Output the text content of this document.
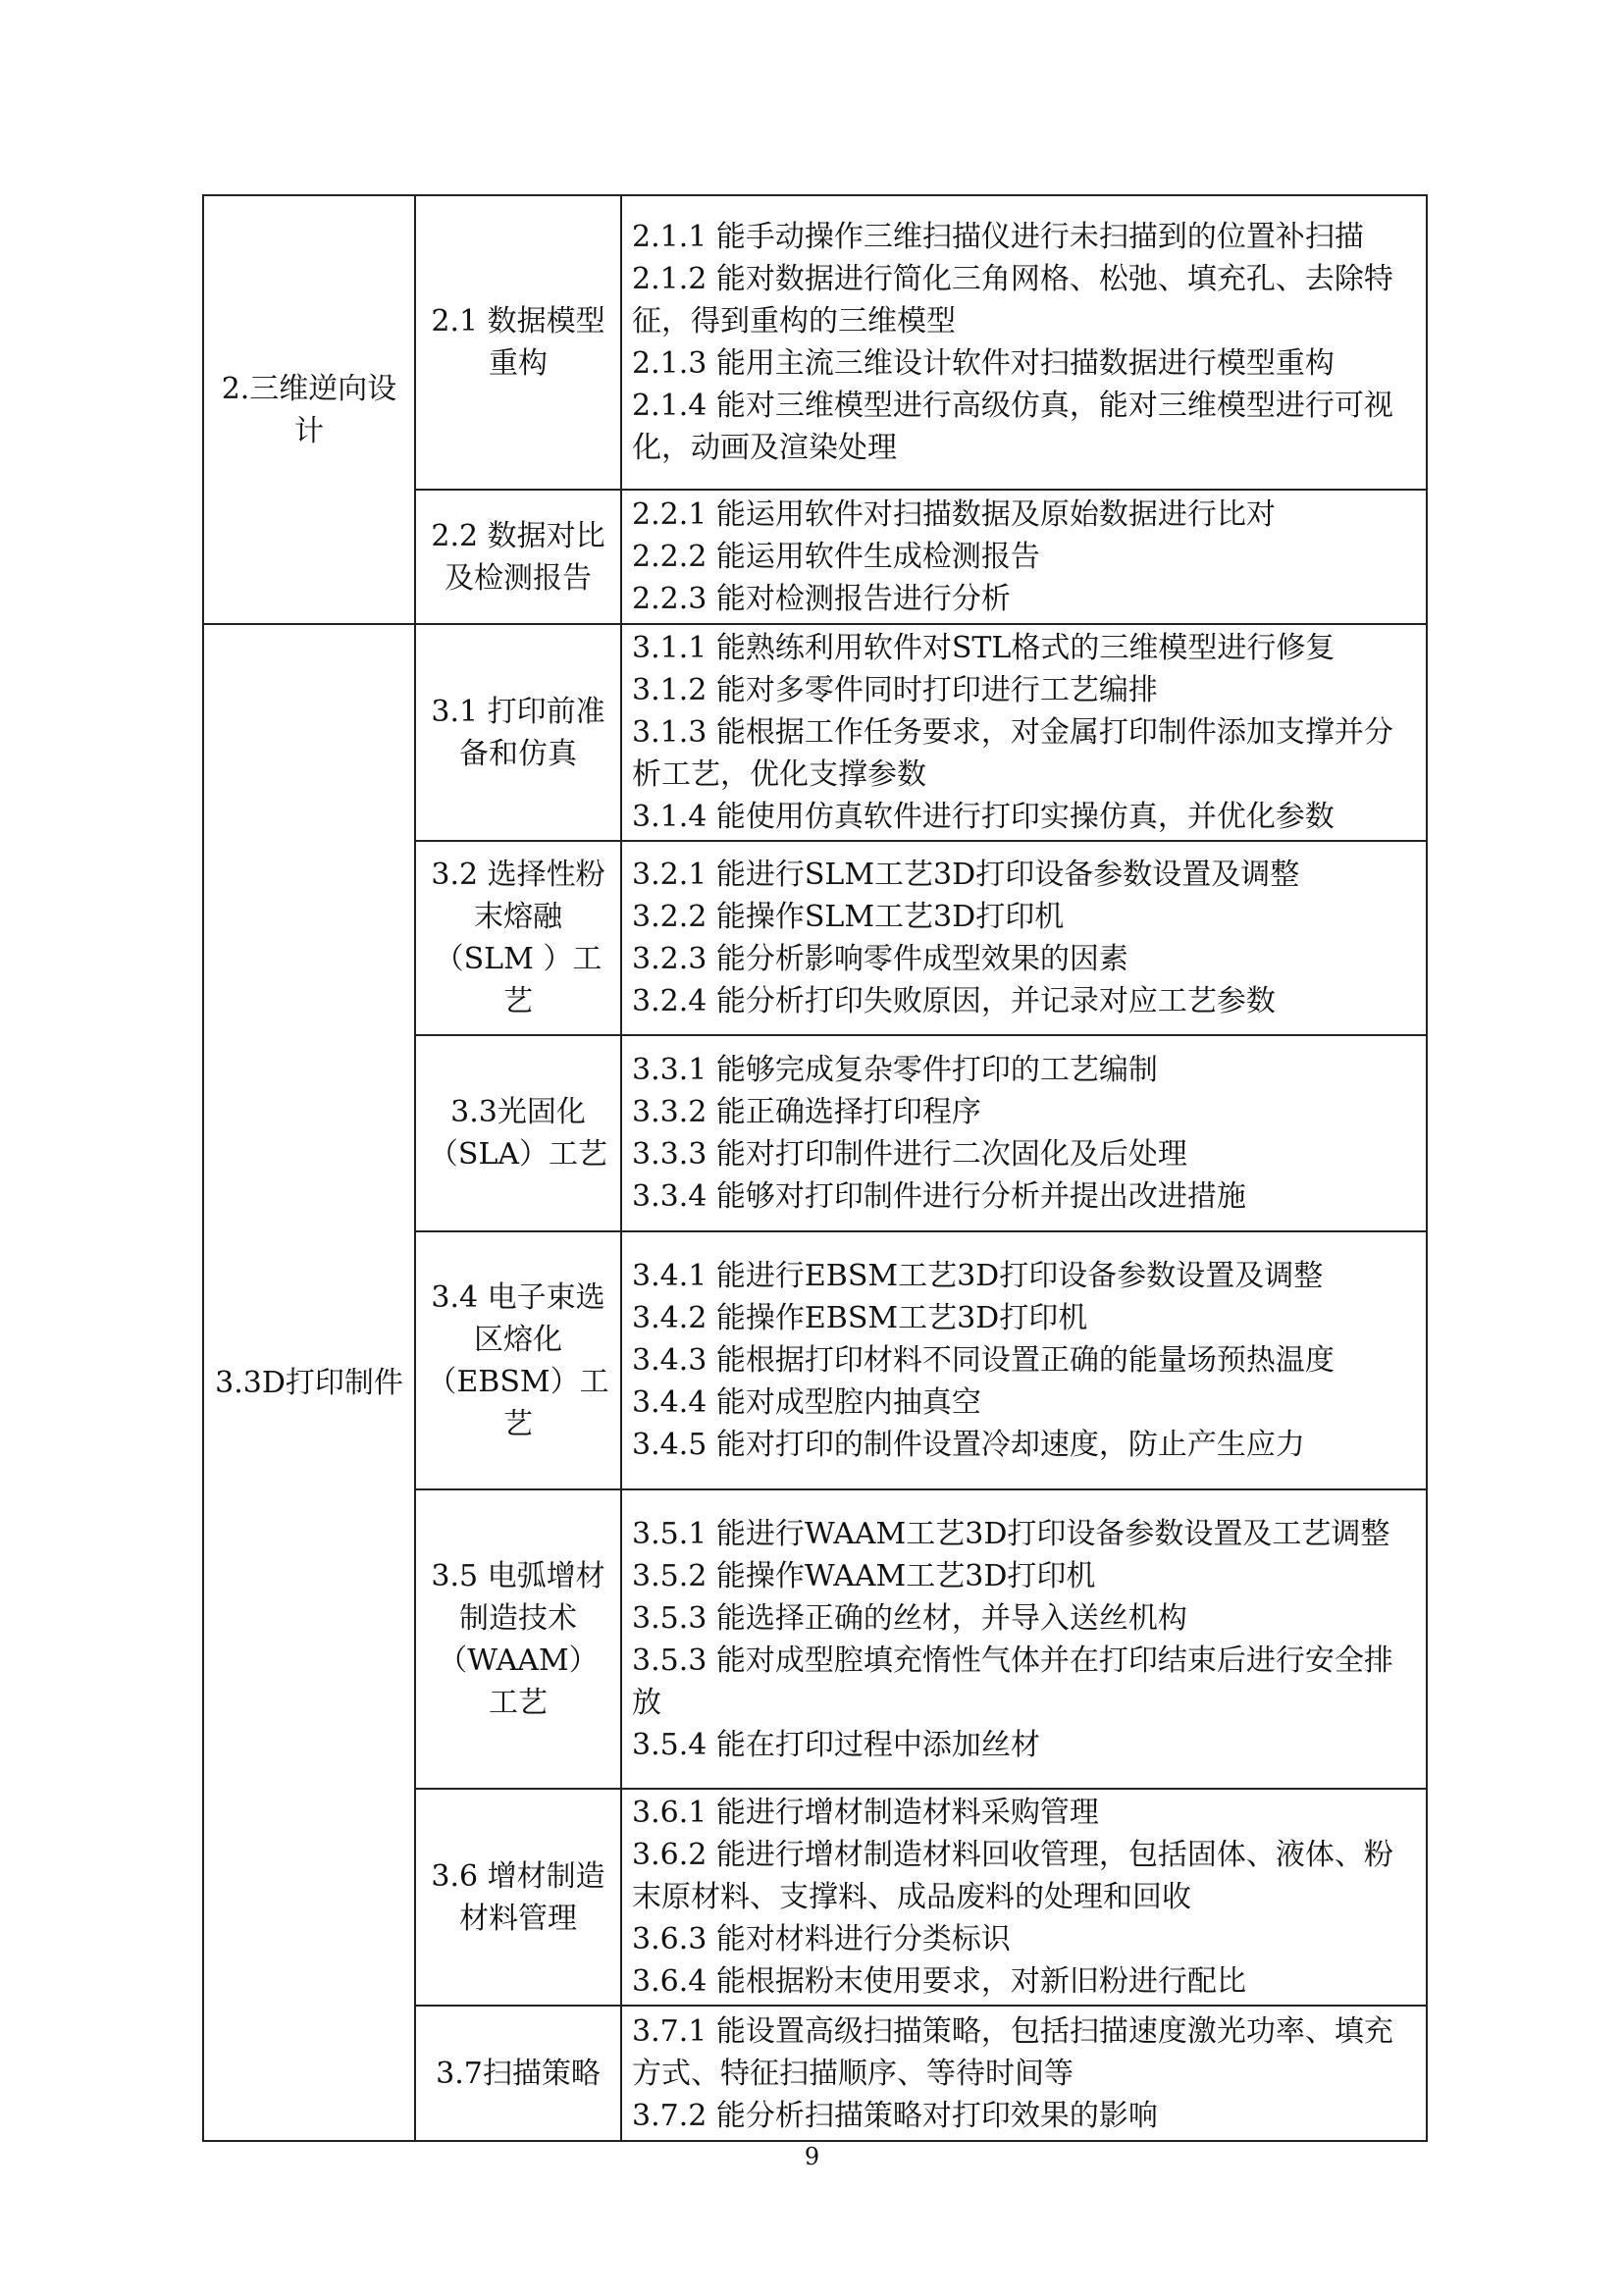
2.三维逆向设计	2.1 数据模型重构	2.1.1 能手动操作三维扫描仪进行未扫描到的位置补扫描
2.1.2 能对数据进行简化三角网格、松弛、填充孔、去除特征，得到重构的三维模型
2.1.3 能用主流三维设计软件对扫描数据进行模型重构
2.1.4 能对三维模型进行高级仿真，能对三维模型进行可视化，动画及渲染处理

	2.2 数据对比及检测报告	2.2.1 能运用软件对扫描数据及原始数据进行比对
2.2.2 能运用软件生成检测报告
2.2.3 能对检测报告进行分析

3.3D打印制件	3.1 打印前准备和仿真	3.1.1 能熟练利用软件对STL格式的三维模型进行修复
3.1.2 能对多零件同时打印进行工艺编排
3.1.3 能根据工作任务要求，对金属打印制件添加支撑并分析工艺，优化支撑参数
3.1.4 能使用仿真软件进行打印实操仿真，并优化参数

	3.2 选择性粉末熔融（SLM ）工艺	3.2.1 能进行SLM工艺3D打印设备参数设置及调整
3.2.2 能操作SLM工艺3D打印机
3.2.3 能分析影响零件成型效果的因素
3.2.4 能分析打印失败原因，并记录对应工艺参数

	3.3光固化（SLA）工艺	3.3.1 能够完成复杂零件打印的工艺编制
3.3.2 能正确选择打印程序
3.3.3 能对打印制件进行二次固化及后处理
3.3.4 能够对打印制件进行分析并提出改进措施

	3.4 电子束选区熔化（EBSM）工艺	3.4.1 能进行EBSM工艺3D打印设备参数设置及调整
3.4.2 能操作EBSM工艺3D打印机
3.4.3 能根据打印材料不同设置正确的能量场预热温度
3.4.4 能对成型腔内抽真空
3.4.5 能对打印的制件设置冷却速度，防止产生应力

	3.5 电弧增材制造技术（WAAM）工艺	3.5.1 能进行WAAM工艺3D打印设备参数设置及工艺调整
3.5.2 能操作WAAM工艺3D打印机
3.5.3 能选择正确的丝材，并导入送丝机构
3.5.3 能对成型腔填充惰性气体并在打印结束后进行安全排放
3.5.4 能在打印过程中添加丝材

	3.6 增材制造材料管理	3.6.1 能进行增材制造材料采购管理
3.6.2 能进行增材制造材料回收管理，包括固体、液体、粉末原材料、支撑料、成品废料的处理和回收
3.6.3 能对材料进行分类标识
3.6.4 能根据粉末使用要求，对新旧粉进行配比

	3.7扫描策略	3.7.1 能设置高级扫描策略，包括扫描速度激光功率、填充方式、特征扫描顺序、等待时间等
3.7.2 能分析扫描策略对打印效果的影响
9
